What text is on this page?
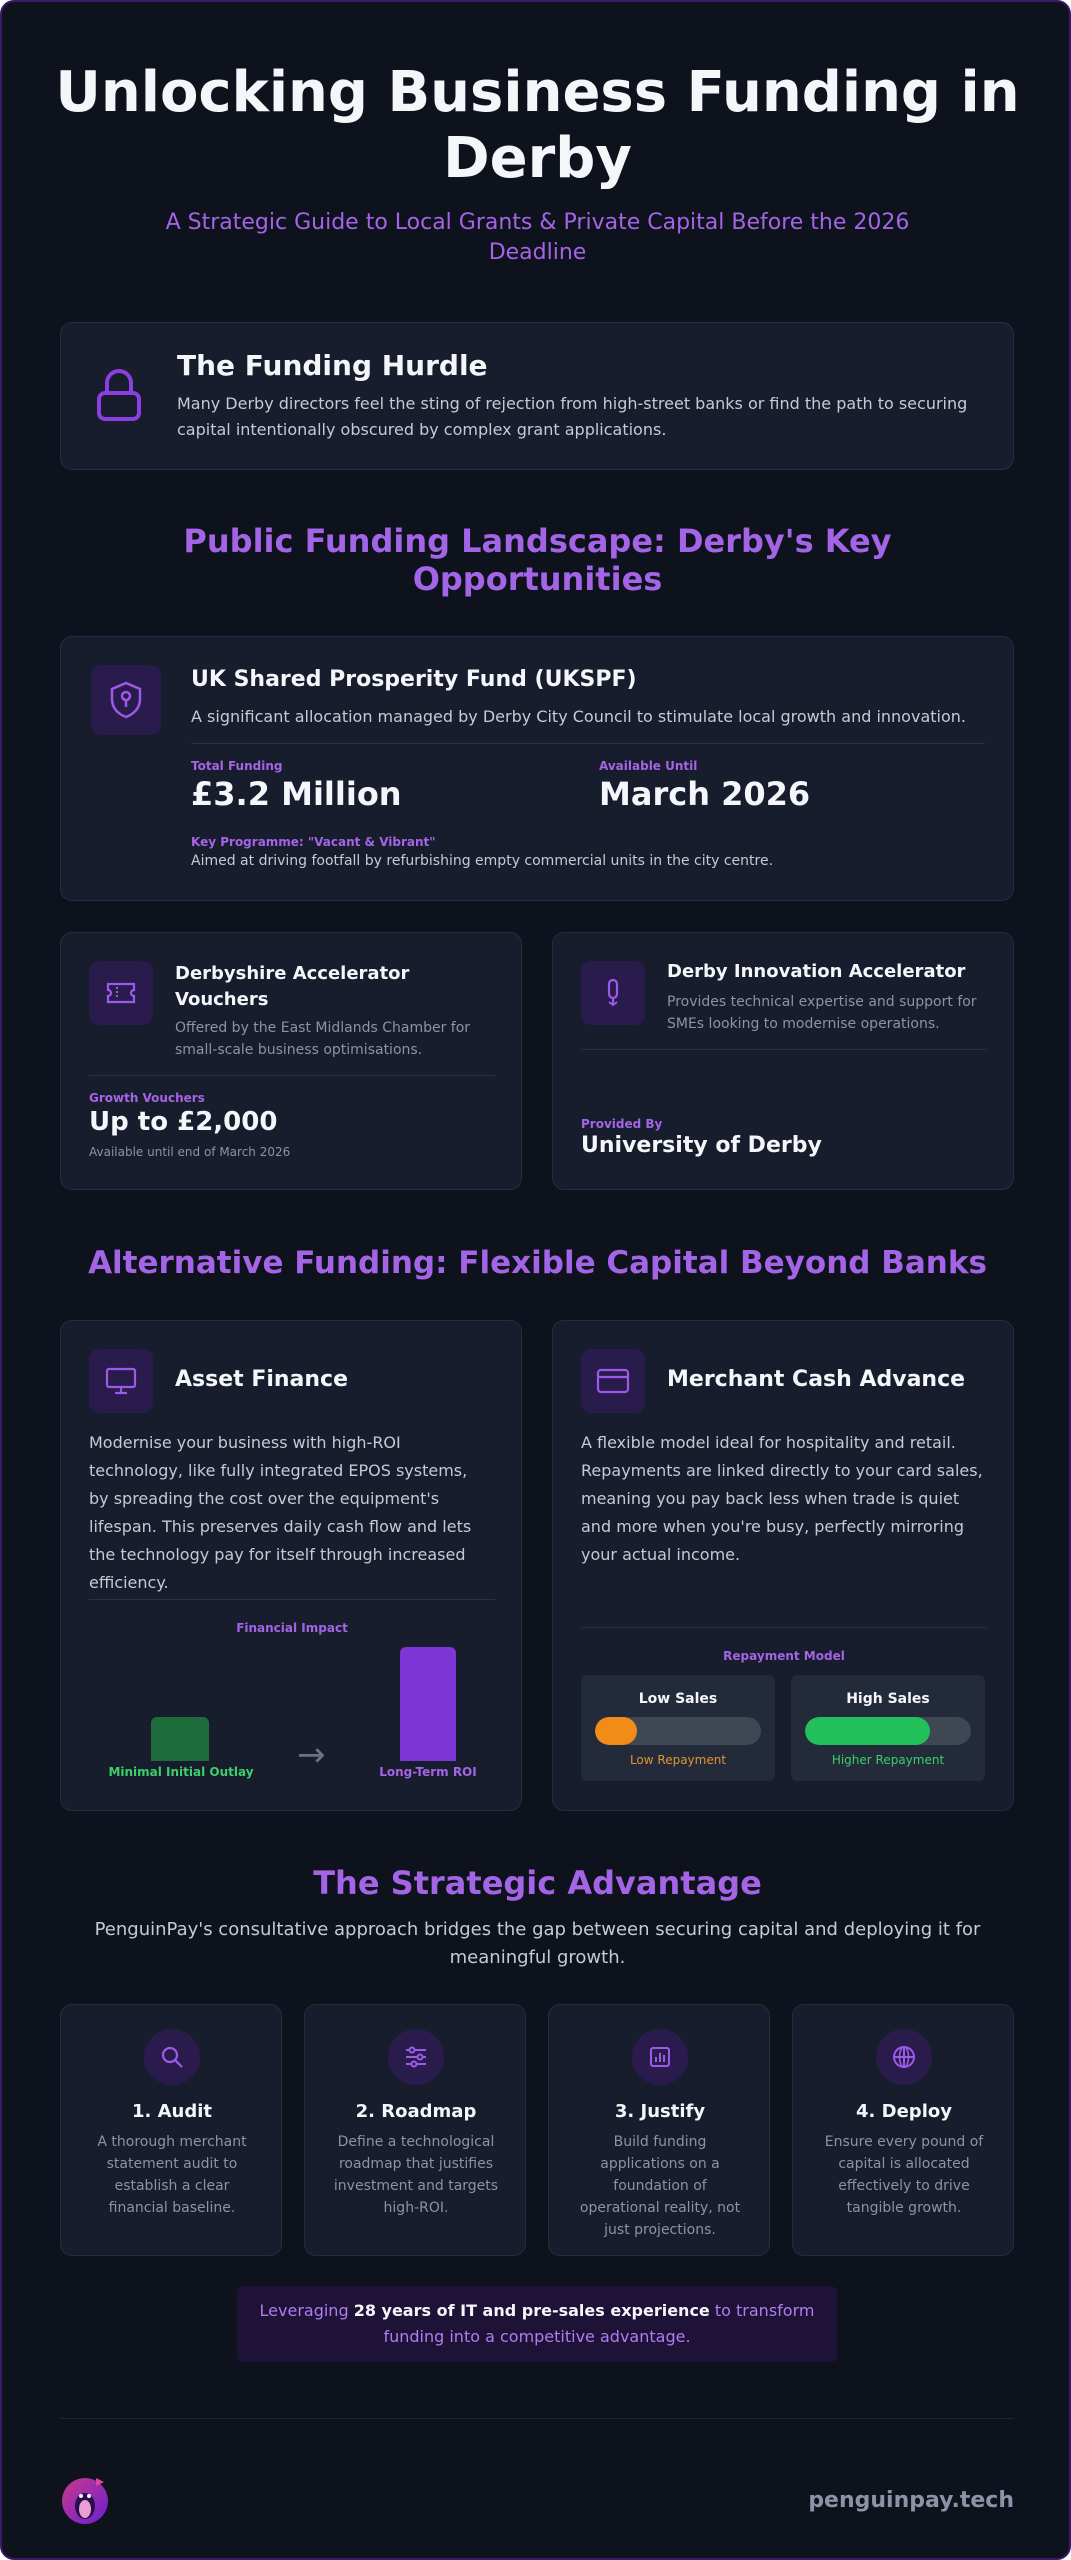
Unlocking Business Funding in Derby
A Strategic Guide to Local Grants & Private Capital Before the 2026 Deadline
The Funding Hurdle
Many Derby directors feel the sting of rejection from high-street banks or find the path to securing capital intentionally obscured by complex grant applications.
Public Funding Landscape: Derby's Key Opportunities
UK Shared Prosperity Fund (UKSPF)
A significant allocation managed by Derby City Council to stimulate local growth and innovation.
Total Funding
£3.2 Million
Available Until
March 2026
Key Programme: "Vacant & Vibrant"
Aimed at driving footfall by refurbishing empty commercial units in the city centre.
Derbyshire Accelerator Vouchers
Offered by the East Midlands Chamber for small-scale business optimisations.
Growth Vouchers
Up to £2,000
Available until end of March 2026
Derby Innovation Accelerator
Provides technical expertise and support for SMEs looking to modernise operations.
Provided By
University of Derby
Alternative Funding: Flexible Capital Beyond Banks
Asset Finance
Modernise your business with high-ROI technology, like fully integrated EPOS systems, by spreading the cost over the equipment's lifespan. This preserves daily cash flow and lets the technology pay for itself through increased efficiency.
Financial Impact
→
Minimal Initial Outlay	Long-Term ROI
Merchant Cash Advance
A flexible model ideal for hospitality and retail. Repayments are linked directly to your card sales, meaning you pay back less when trade is quiet and more when you're busy, perfectly mirroring your actual income.
Repayment Model
Low Sales
Low Repayment
High Sales
Higher Repayment
The Strategic Advantage
PenguinPay's consultative approach bridges the gap between securing capital and deploying it for meaningful growth.
1. Audit
A thorough merchant statement audit to establish a clear financial baseline.
2. Roadmap
Define a technological roadmap that justifies investment and targets high-ROI.
3. Justify
Build funding applications on a foundation of operational reality, not just projections.
4. Deploy
Ensure every pound of capital is allocated effectively to drive tangible growth.
Leveraging 28 years of IT and pre-sales experience to transform funding into a competitive advantage.
penguinpay.tech
